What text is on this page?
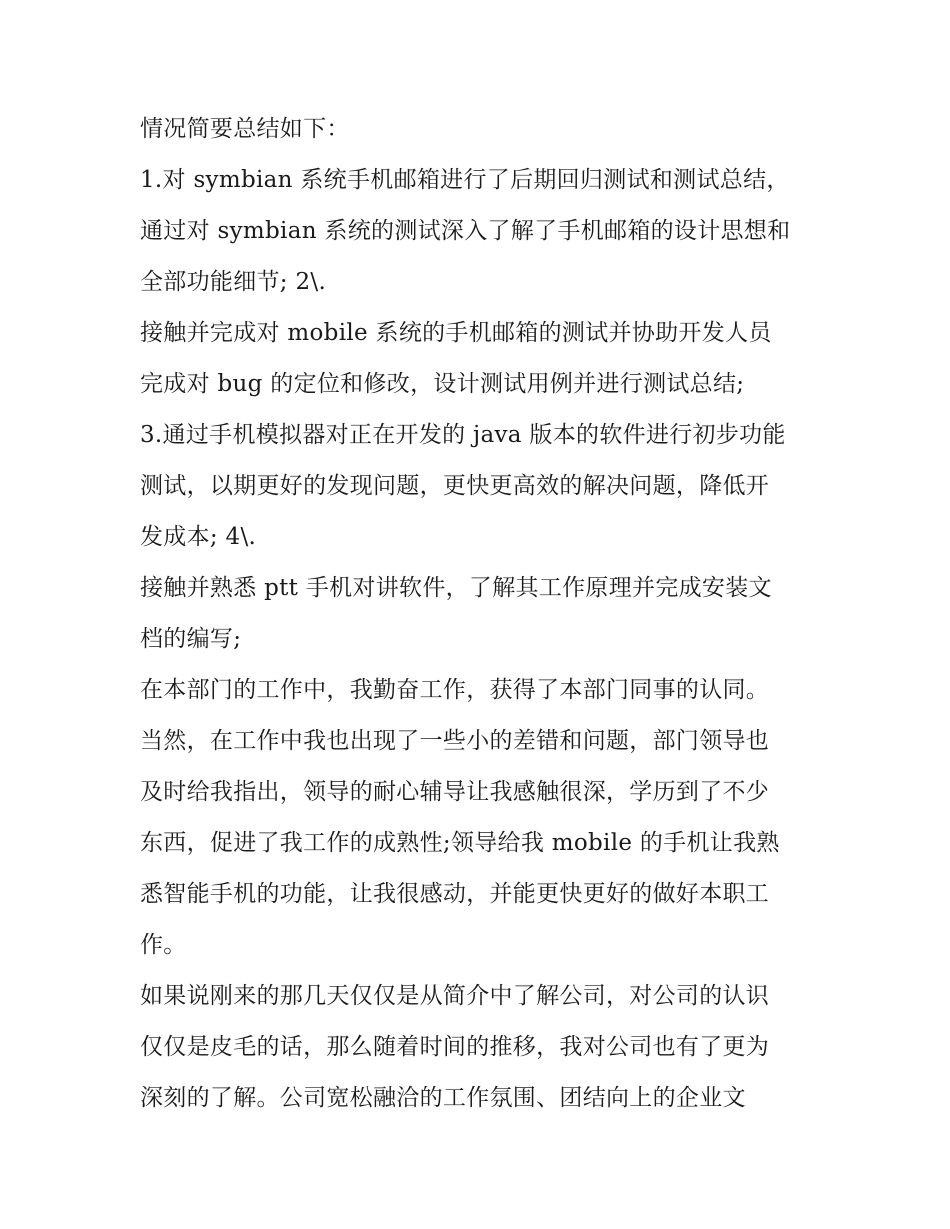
情况简要总结如下：
1.对 symbian 系统手机邮箱进行了后期回归测试和测试总结，
通过对 symbian 系统的测试深入了解了手机邮箱的设计思想和
全部功能细节; 2\.
接触并完成对 mobile 系统的手机邮箱的测试并协助开发人员
完成对 bug 的定位和修改，设计测试用例并进行测试总结;
3.通过手机模拟器对正在开发的 java 版本的软件进行初步功能
测试，以期更好的发现问题，更快更高效的解决问题，降低开
发成本; 4\.
接触并熟悉 ptt 手机对讲软件，了解其工作原理并完成安装文
档的编写;
在本部门的工作中，我勤奋工作，获得了本部门同事的认同。
当然，在工作中我也出现了一些小的差错和问题，部门领导也
及时给我指出，领导的耐心辅导让我感触很深，学历到了不少
东西，促进了我工作的成熟性;领导给我 mobile 的手机让我熟
悉智能手机的功能，让我很感动，并能更快更好的做好本职工
作。
如果说刚来的那几天仅仅是从简介中了解公司，对公司的认识
仅仅是皮毛的话，那么随着时间的推移，我对公司也有了更为
深刻的了解。公司宽松融洽的工作氛围、团结向上的企业文
